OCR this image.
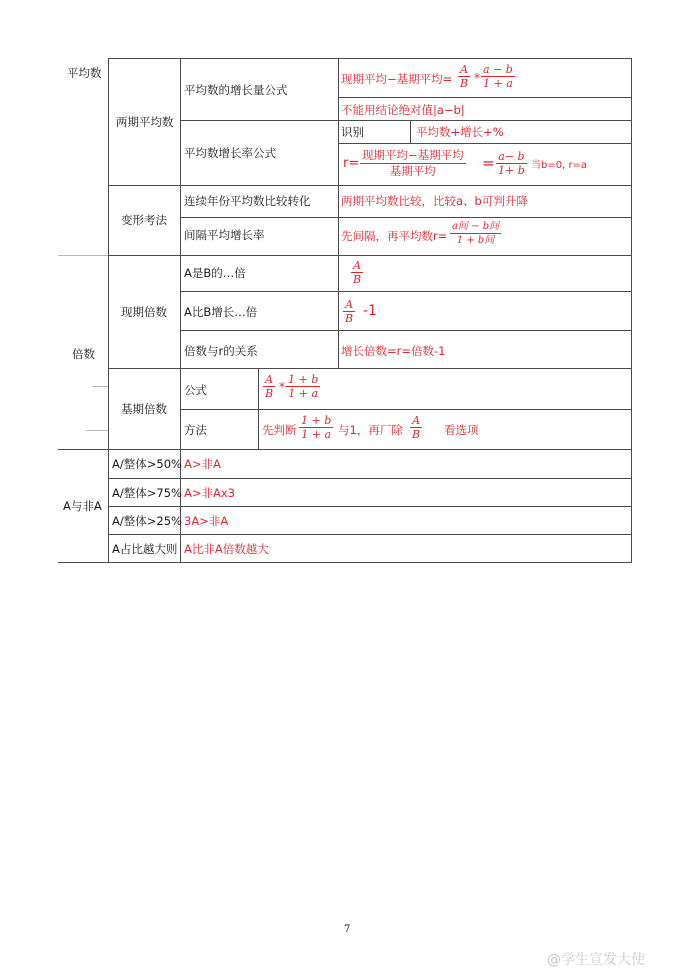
平均数
倍数
A与非A
两期平均数
变形考法
现期倍数
基期倍数
平均数的增长量公式
平均数增长率公式
连续年份平均数比较转化
间隔平均增长率
A是B的…倍
A比B增长…倍
倍数与r的关系
公式
方法
A/整体>50%
A/整体>75%
A/整体>25%
A占比越大则
现期平均−基期平均= $\frac{A}{B} * \frac{a - b}{1 + a}$
不能用结论绝对值|a−b|
识别	平均数+增长+%
r=
现期平均−基期平均
基期平均	= $\frac{a- b}{1+ b}$ 当b=0, r=a
两期平均数比较，比较a、b可判升降
先间隔，再平均数r=
a间 − b间
1 + b间
$\frac{A}{B}$
$\frac{A}{B} -1$
增长倍数=r=倍数-1
$\frac{A}{B} * \frac{1 + b}{1 + a}$
先判断 $\frac{1 + b}{1 + a}$ 与1，再厂除 $\frac{A}{B}$ 看选项
A>非A
A>非Ax3
3A>非A
A比非A倍数越大
7
@学生宣发大使
